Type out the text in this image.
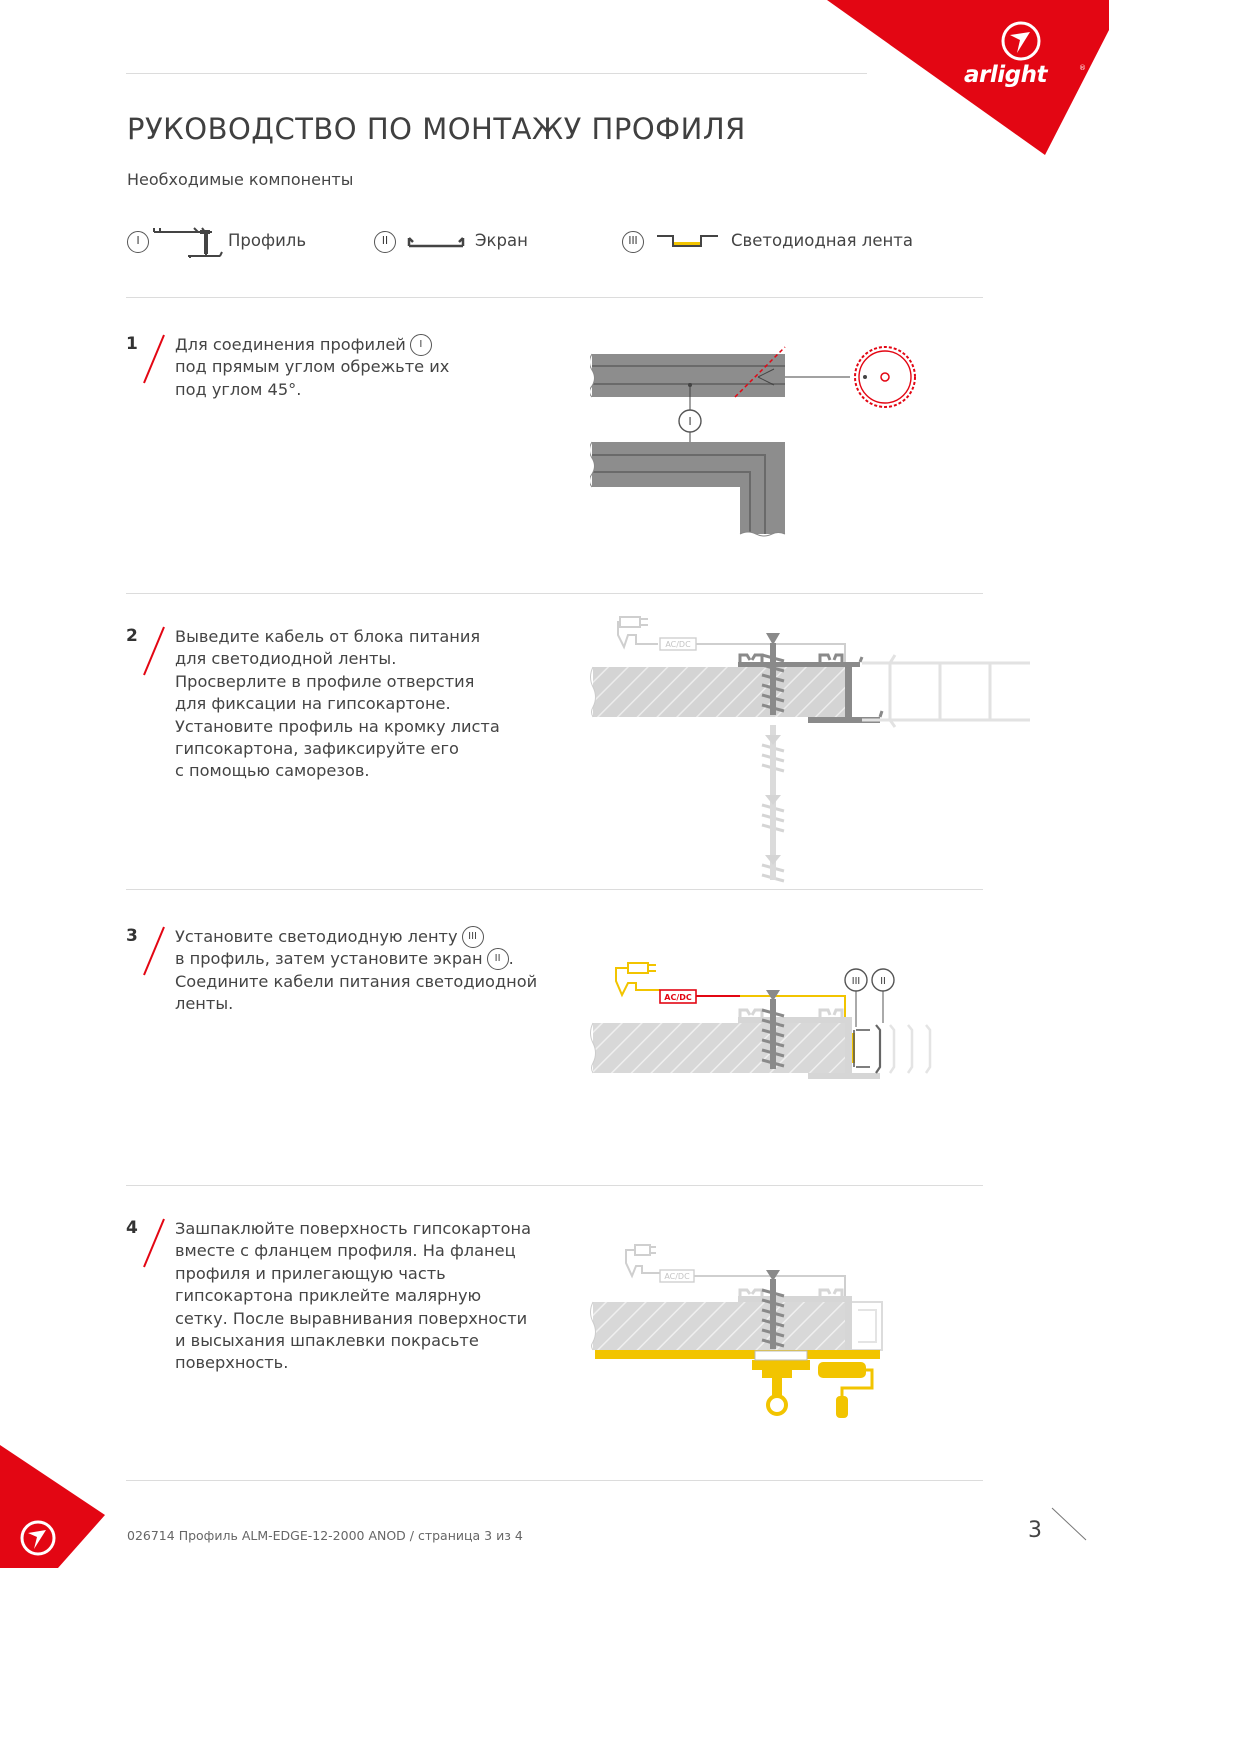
arlight	®
РУКОВОДСТВО ПО МОНТАЖУ ПРОФИЛЯ
Необходимые компоненты
I	Профиль	II	Экран	III	Светодиодная лента
1 Для соединения профилей I
под прямым углом обрежьте их
под углом 45°.
I
2 Выведите кабель от блока питания
для светодиодной ленты.
Просверлите в профиле отверстия
для фиксации на гипсокартоне.
Установите профиль на кромку листа
гипсокартона, зафиксируйте его
с помощью саморезов.
AC/DC
3 Установите светодиодную ленту III
в профиль, затем установите экран II .
Соедините кабели питания светодиодной
ленты.	AC/DC
III II
4 Зашпаклюйте поверхность гипсокартона
вместе с фланцем профиля. На фланец
профиля и прилегающую часть
гипсокартона приклейте малярную
сетку. После выравнивания поверхности
и высыхания шпаклевки покрасьте
поверхность.
AC/DC
026714 Профиль ALM-EDGE-12-2000 ANOD / страница 3 из 4	3
